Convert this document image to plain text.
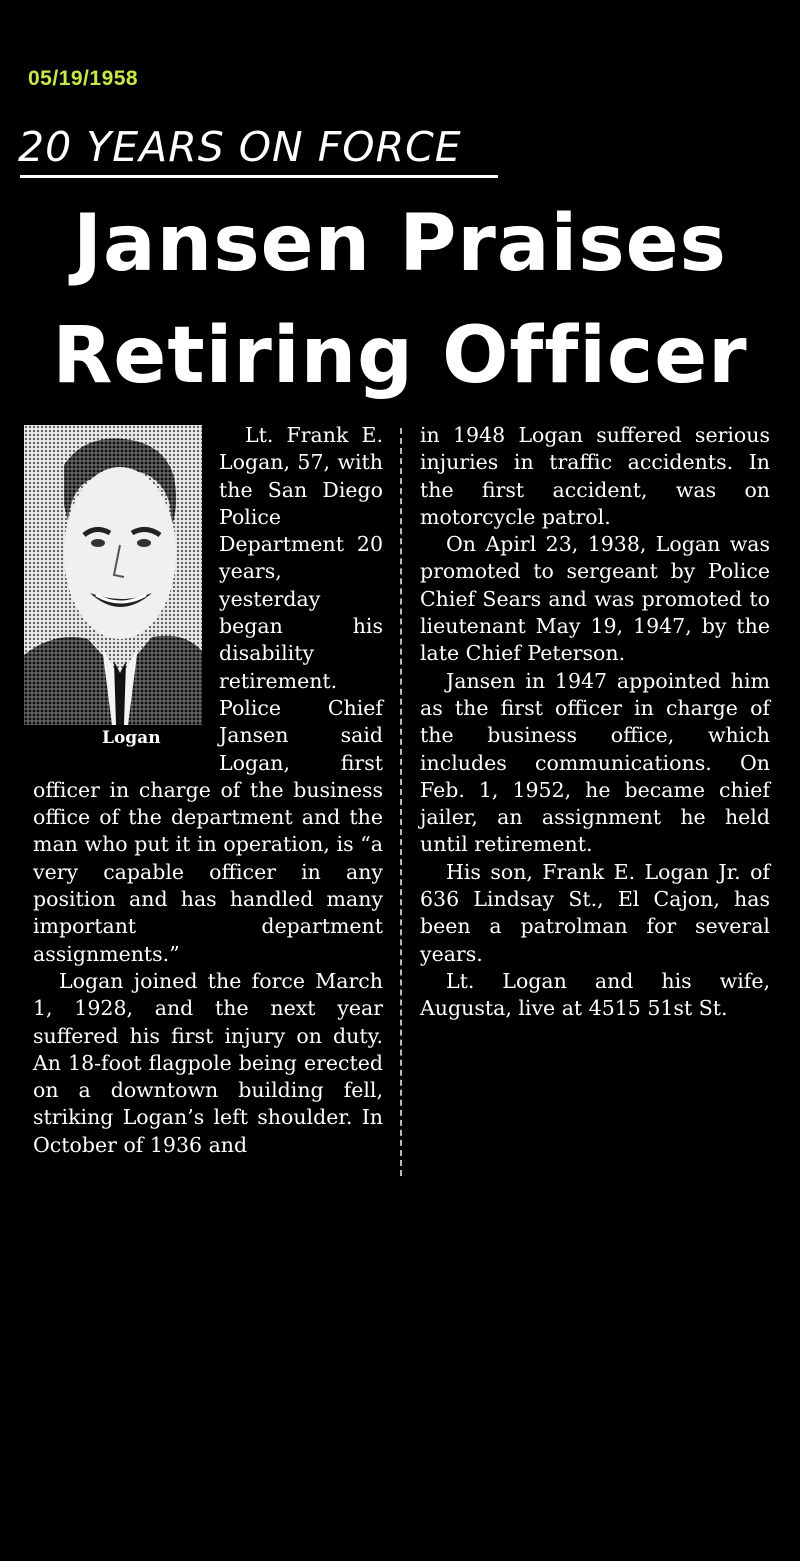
05/19/1958
20 YEARS ON FORCE
Jansen Praises
Retiring Officer

Logan
Lt. Frank E. Logan, 57, with the San Diego Police Department 20 years, yesterday began his disability retirement. Police Chief Jansen said Logan, first officer in charge of the business office of the department and the man who put it in operation, is “a very capable officer in any position and has handled many important department assignments.”

Logan joined the force March 1, 1928, and the next year suffered his first injury on duty. An 18-foot flagpole being erected on a downtown building fell, striking Logan’s left shoulder. In October of 1936 and

in 1948 Logan suffered serious injuries in traffic accidents. In the first accident, was on motorcycle patrol.

On Apirl 23, 1938, Logan was promoted to sergeant by Police Chief Sears and was promoted to lieutenant May 19, 1947, by the late Chief Peterson.

Jansen in 1947 appointed him as the first officer in charge of the business office, which includes communications. On Feb. 1, 1952, he became chief jailer, an assignment he held until retirement.

His son, Frank E. Logan Jr. of 636 Lindsay St., El Cajon, has been a patrolman for several years.

Lt. Logan and his wife, Augusta, live at 4515 51st St.
